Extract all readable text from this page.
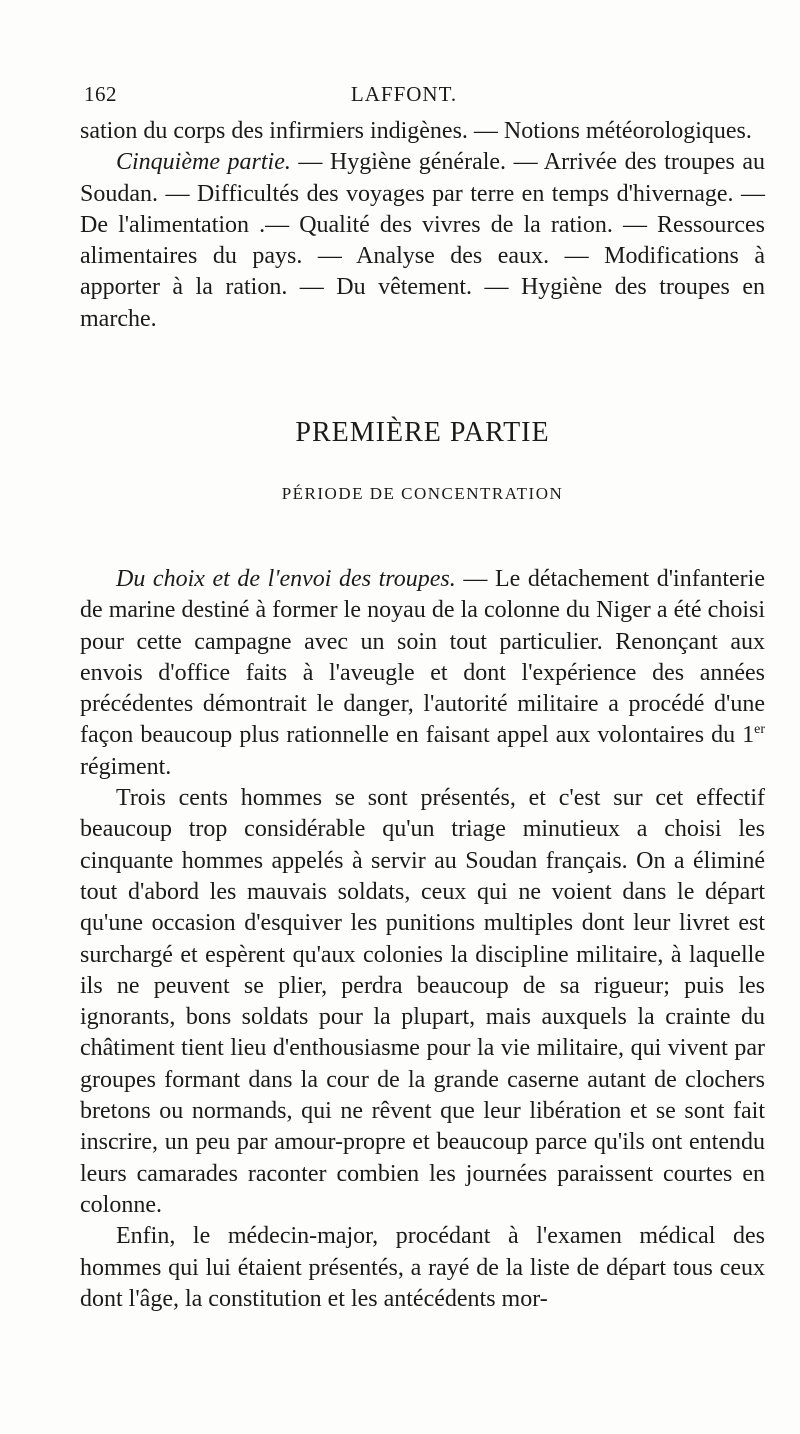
162	LAFFONT.

sation du corps des infirmiers indigènes. — Notions météorologiques.

Cinquième partie. — Hygiène générale. — Arrivée des troupes au Soudan. — Difficultés des voyages par terre en temps d'hivernage. — De l'alimentation .— Qualité des vivres de la ration. — Ressources alimentaires du pays. — Analyse des eaux. — Modifications à apporter à la ration. — Du vêtement. — Hygiène des troupes en marche.

PREMIÈRE PARTIE
PÉRIODE DE CONCENTRATION

Du choix et de l'envoi des troupes. — Le détachement d'infanterie de marine destiné à former le noyau de la colonne du Niger a été choisi pour cette campagne avec un soin tout particulier. Renonçant aux envois d'office faits à l'aveugle et dont l'expérience des années précédentes démontrait le danger, l'autorité militaire a procédé d'une façon beaucoup plus rationnelle en faisant appel aux volontaires du 1er régiment.

Trois cents hommes se sont présentés, et c'est sur cet effectif beaucoup trop considérable qu'un triage minutieux a choisi les cinquante hommes appelés à servir au Soudan français. On a éliminé tout d'abord les mauvais soldats, ceux qui ne voient dans le départ qu'une occasion d'esquiver les punitions multiples dont leur livret est surchargé et espèrent qu'aux colonies la discipline militaire, à laquelle ils ne peuvent se plier, perdra beaucoup de sa rigueur; puis les ignorants, bons soldats pour la plupart, mais auxquels la crainte du châtiment tient lieu d'enthousiasme pour la vie militaire, qui vivent par groupes formant dans la cour de la grande caserne autant de clochers bretons ou normands, qui ne rêvent que leur libération et se sont fait inscrire, un peu par amour-propre et beaucoup parce qu'ils ont entendu leurs camarades raconter combien les journées paraissent courtes en colonne.

Enfin, le médecin-major, procédant à l'examen médical des hommes qui lui étaient présentés, a rayé de la liste de départ tous ceux dont l'âge, la constitution et les antécédents mor-
